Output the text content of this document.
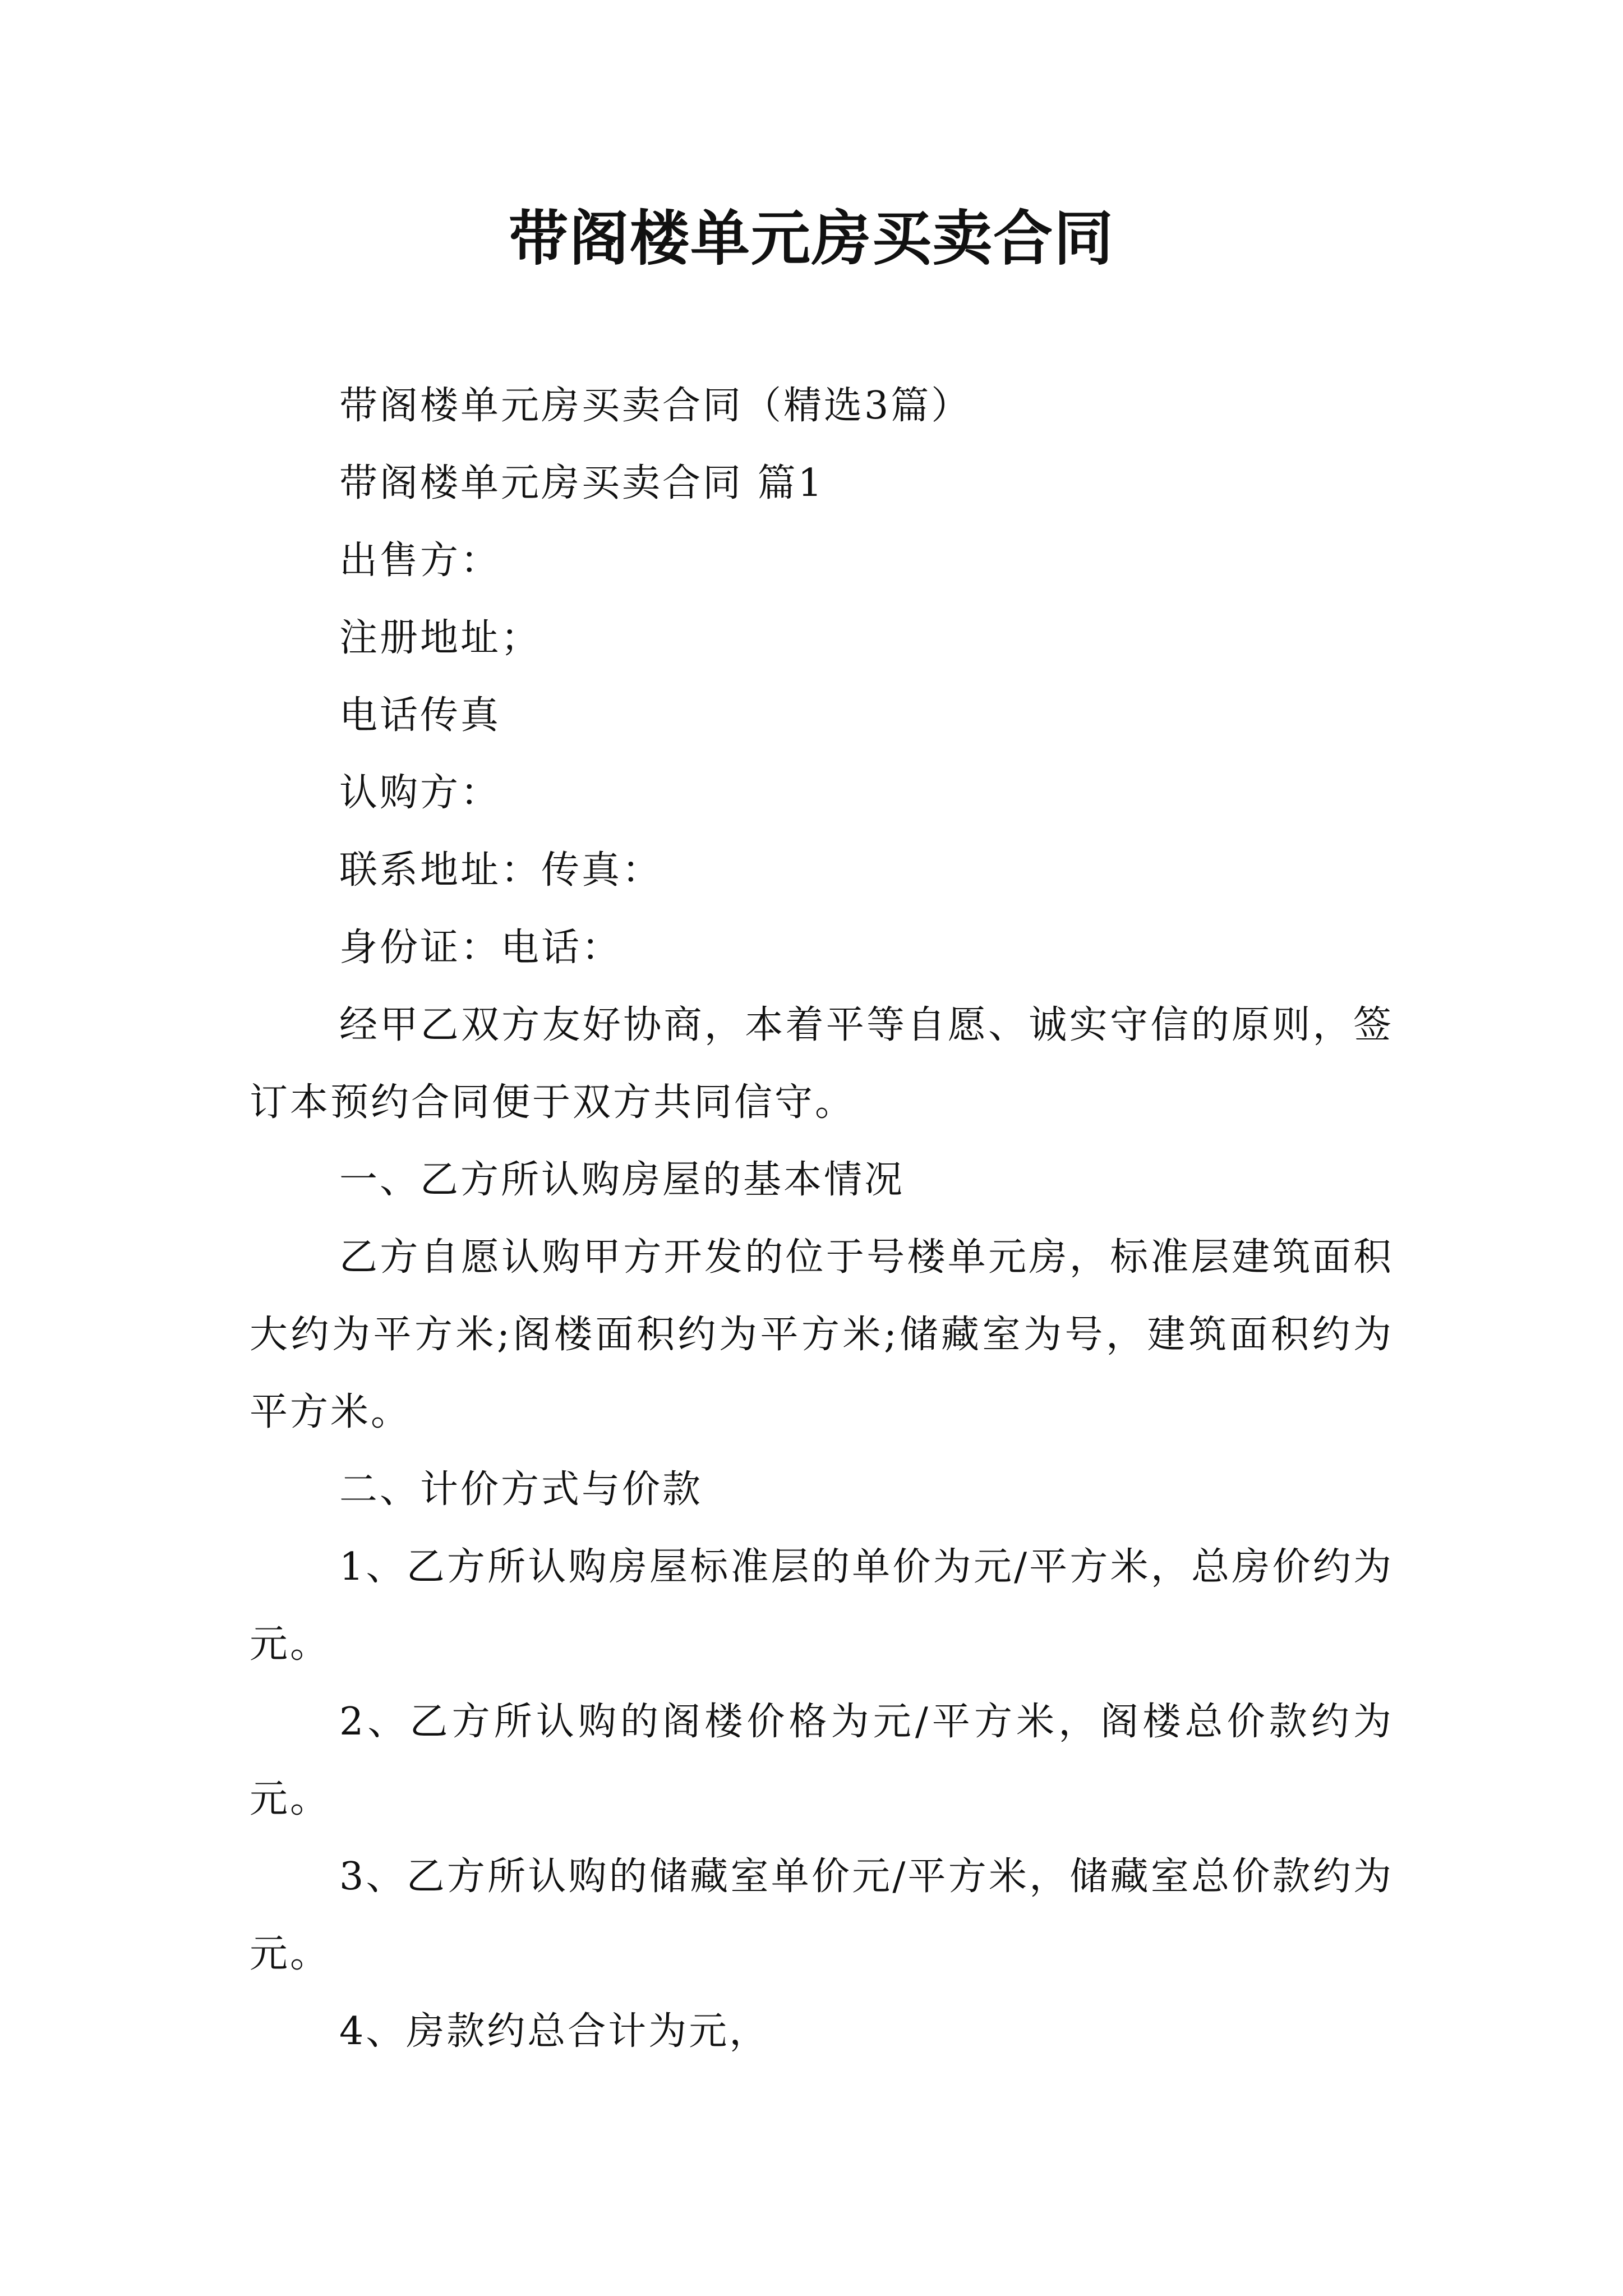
带阁楼单元房买卖合同

带阁楼单元房买卖合同（精选3篇）

带阁楼单元房买卖合同 篇1

出售方：

注册地址；

电话传真

认购方：

联系地址：传真：

身份证：电话：

经甲乙双方友好协商，本着平等自愿、诚实守信的原则，签订本预约合同便于双方共同信守。

一、乙方所认购房屋的基本情况

乙方自愿认购甲方开发的位于号楼单元房，标准层建筑面积大约为平方米;阁楼面积约为平方米;储藏室为号，建筑面积约为平方米。

二、计价方式与价款

1、乙方所认购房屋标准层的单价为元/平方米，总房价约为元。

2、乙方所认购的阁楼价格为元/平方米，阁楼总价款约为元。

3、乙方所认购的储藏室单价元/平方米，储藏室总价款约为元。

4、房款约总合计为元，
